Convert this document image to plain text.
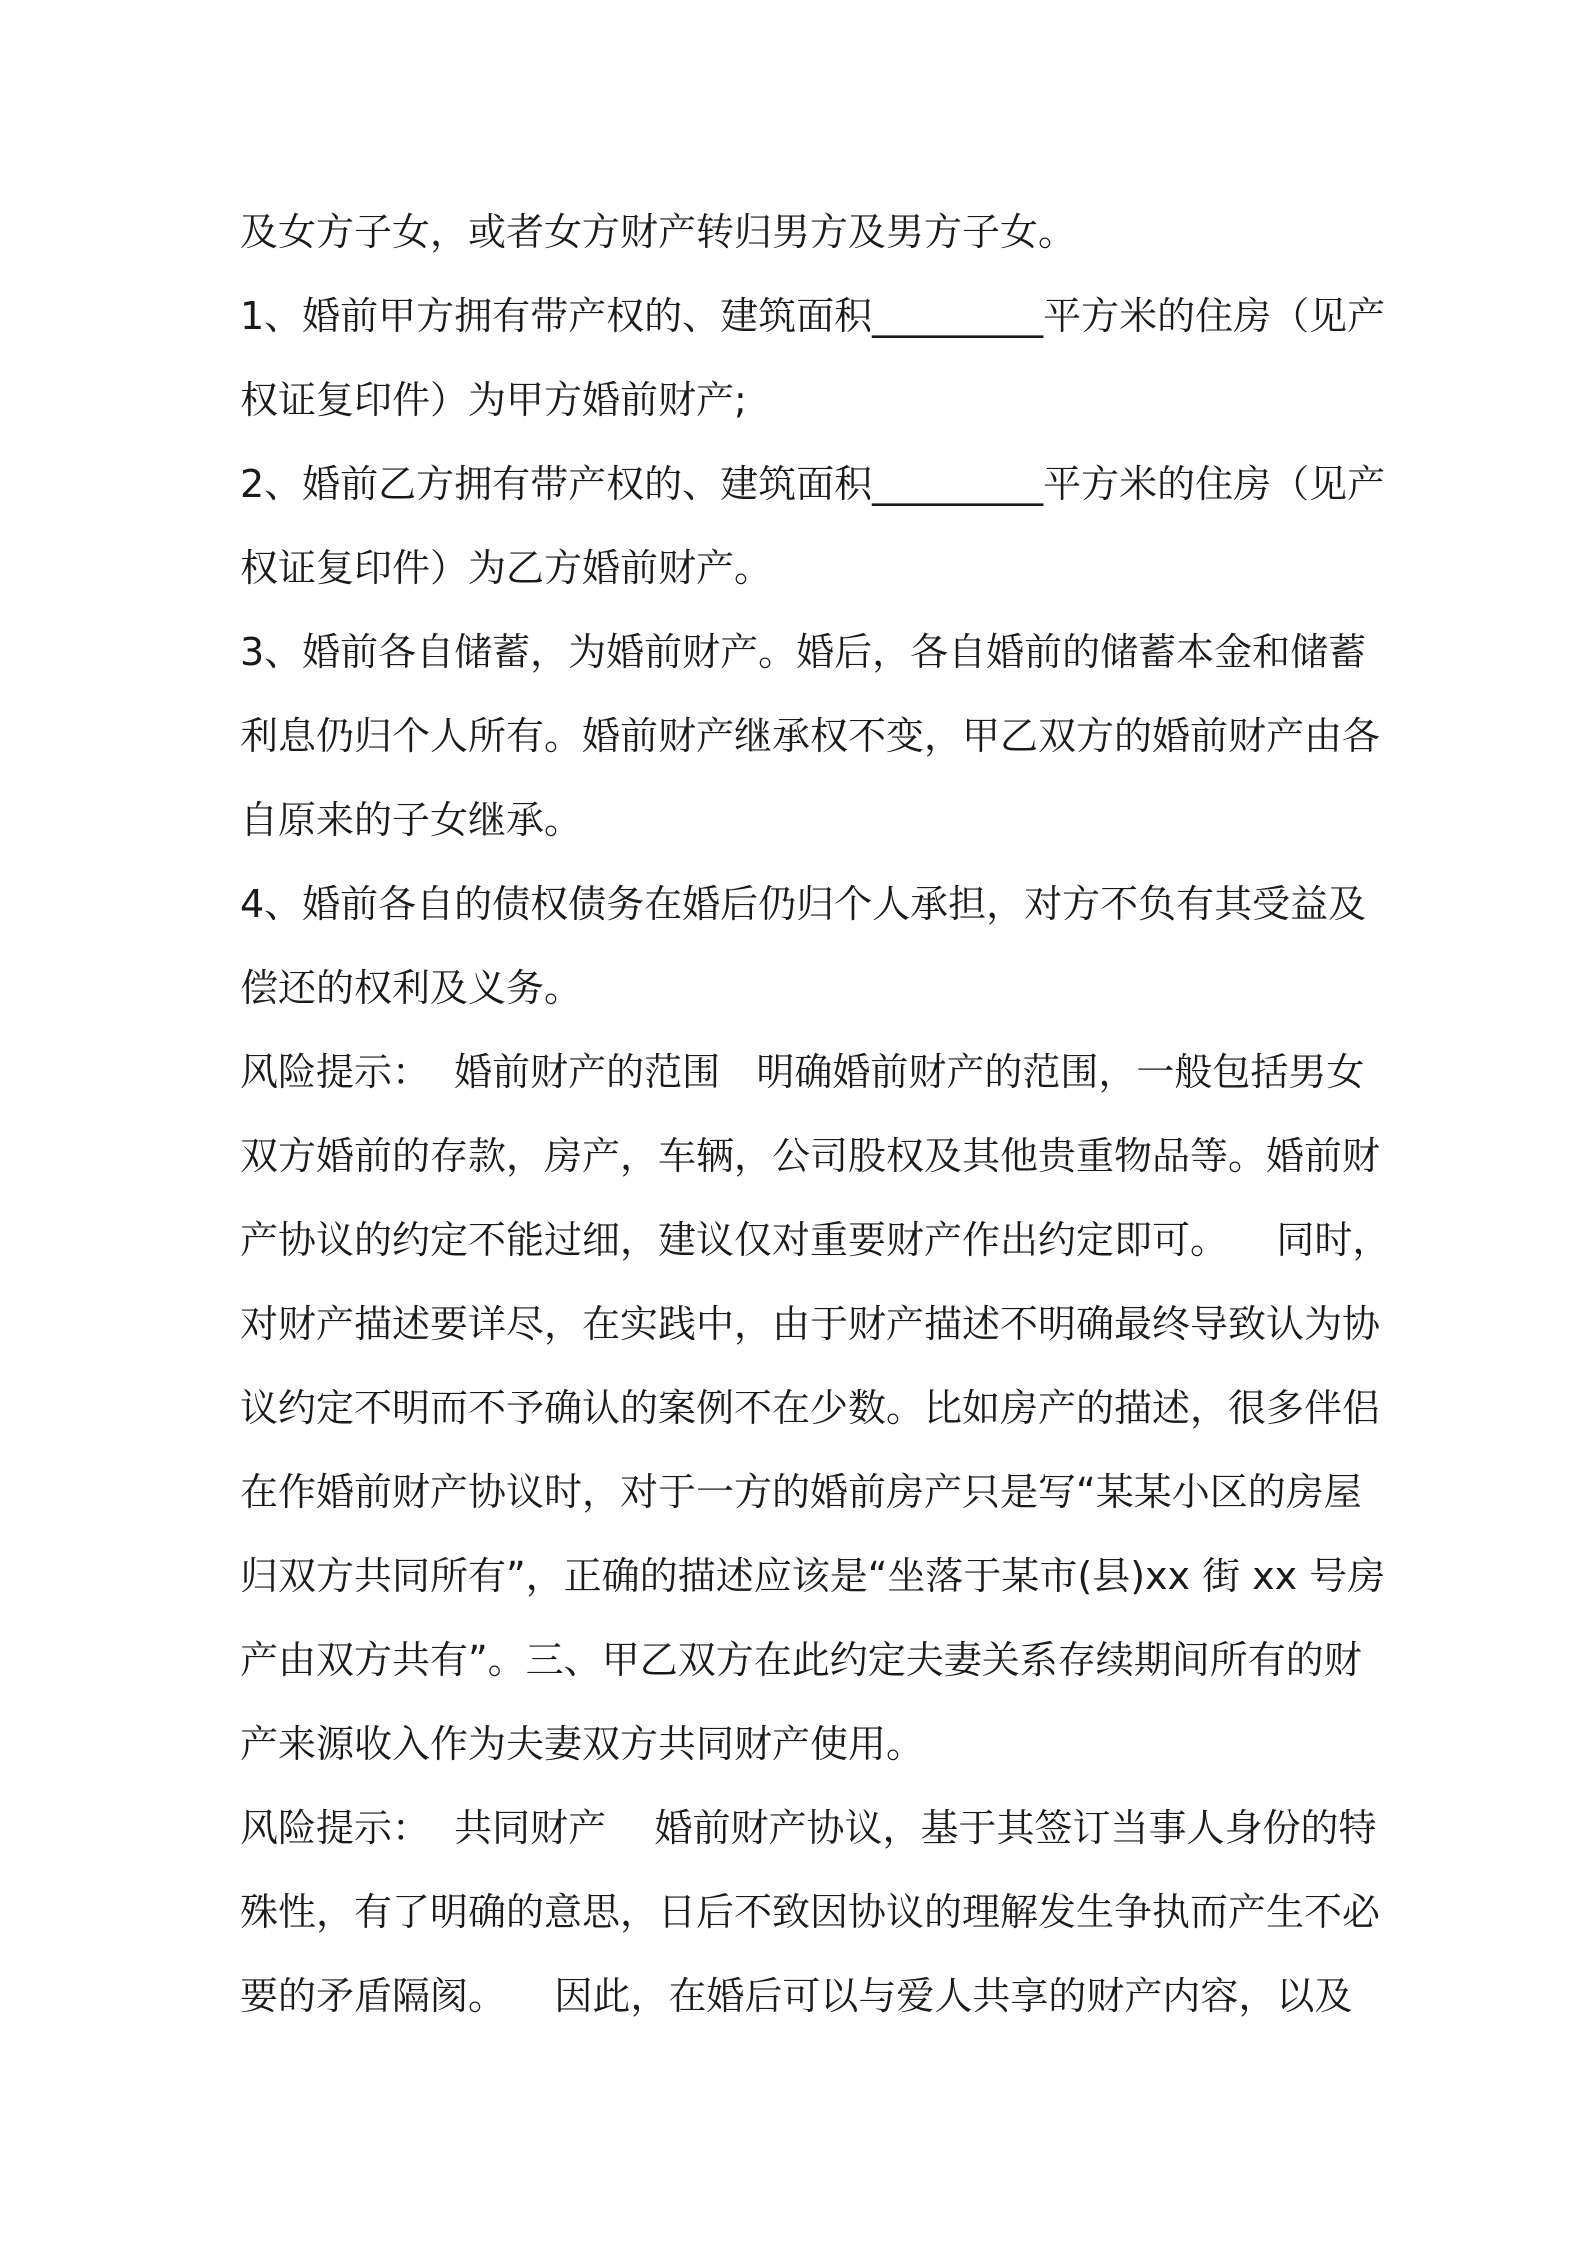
及女方子女，或者女方财产转归男方及男方子女。
1、婚前甲方拥有带产权的、建筑面积_________平方米的住房（见产
权证复印件）为甲方婚前财产;
2、婚前乙方拥有带产权的、建筑面积_________平方米的住房（见产
权证复印件）为乙方婚前财产。
3、婚前各自储蓄，为婚前财产。婚后，各自婚前的储蓄本金和储蓄
利息仍归个人所有。婚前财产继承权不变，甲乙双方的婚前财产由各
自原来的子女继承。
4、婚前各自的债权债务在婚后仍归个人承担，对方不负有其受益及
偿还的权利及义务。
风险提示：  婚前财产的范围   明确婚前财产的范围，一般包括男女
双方婚前的存款，房产，车辆，公司股权及其他贵重物品等。婚前财
产协议的约定不能过细，建议仅对重要财产作出约定即可。    同时，
对财产描述要详尽，在实践中，由于财产描述不明确最终导致认为协
议约定不明而不予确认的案例不在少数。比如房产的描述，很多伴侣
在作婚前财产协议时，对于一方的婚前房产只是写“某某小区的房屋
归双方共同所有”，正确的描述应该是“坐落于某市(县)xx 街 xx 号房
产由双方共有”。三、甲乙双方在此约定夫妻关系存续期间所有的财
产来源收入作为夫妻双方共同财产使用。
风险提示：  共同财产    婚前财产协议，基于其签订当事人身份的特
殊性，有了明确的意思，日后不致因协议的理解发生争执而产生不必
要的矛盾隔阂。    因此，在婚后可以与爱人共享的财产内容，以及
